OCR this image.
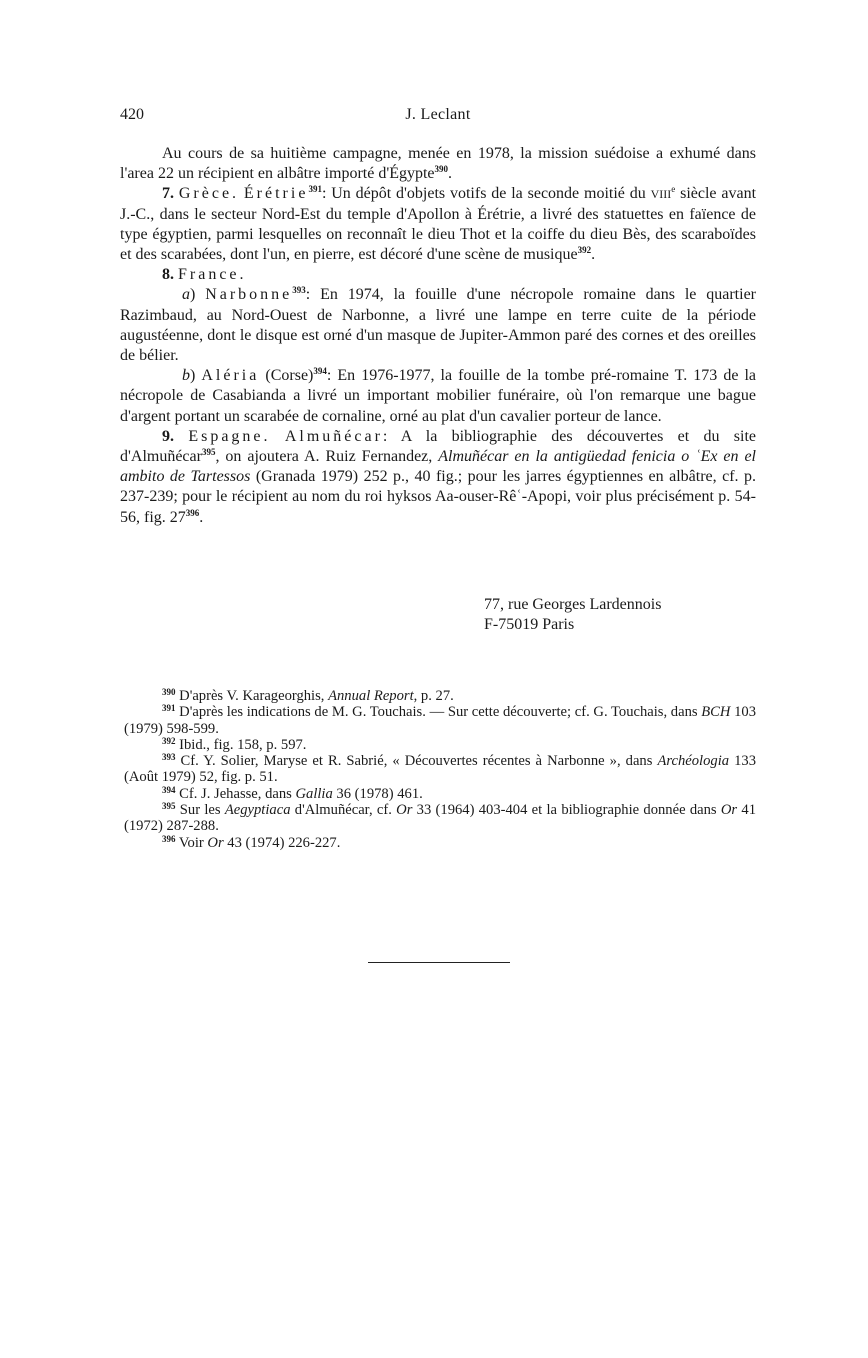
420	J. Leclant

Au cours de sa huitième campagne, menée en 1978, la mission suédoise a exhumé dans l'area 22 un récipient en albâtre importé d'Égypte$^{390}$.

7. Grèce. Érétrie$^{391}$: Un dépôt d'objets votifs de la seconde moitié du VIIIe siècle avant J.-C., dans le secteur Nord-Est du temple d'Apollon à Érétrie, a livré des statuettes en faïence de type égyptien, parmi lesquelles on reconnaît le dieu Thot et la coiffe du dieu Bès, des scaraboïdes et des scarabées, dont l'un, en pierre, est décoré d'une scène de musique$^{392}$.

8. France.

a) Narbonne$^{393}$: En 1974, la fouille d'une nécropole romaine dans le quartier Razimbaud, au Nord-Ouest de Narbonne, a livré une lampe en terre cuite de la période augustéenne, dont le disque est orné d'un masque de Jupiter-Ammon paré des cornes et des oreilles de bélier.

b) Aléria (Corse)$^{394}$: En 1976-1977, la fouille de la tombe pré-romaine T. 173 de la nécropole de Casabianda a livré un important mobilier funéraire, où l'on remarque une bague d'argent portant un scarabée de cornaline, orné au plat d'un cavalier porteur de lance.

9. Espagne. Almuñécar: A la bibliographie des découvertes et du site d'Almuñécar$^{395}$, on ajoutera A. Ruiz Fernandez, Almuñécar en la antigüedad fenicia o ʿEx en el ambito de Tartessos (Granada 1979) 252 p., 40 fig.; pour les jarres égyptiennes en albâtre, cf. p. 237-239; pour le récipient au nom du roi hyksos Aa-ouser-Rêʿ-Apopi, voir plus précisément p. 54-56, fig. $27^{396}$.

77, rue Georges Lardennois
F-75019 Paris

$^{390}$ D'après V. Karageorghis, Annual Report, p. 27.

$^{391}$ D'après les indications de M. G. Touchais. — Sur cette découverte; cf. G. Touchais, dans BCH 103 (1979) 598-599.

$^{392}$ Ibid., fig. 158, p. 597.

$^{393}$ Cf. Y. Solier, Maryse et R. Sabrié, « Découvertes récentes à Narbonne », dans Archéologia 133 (Août 1979) 52, fig. p. 51.

$^{394}$ Cf. J. Jehasse, dans Gallia 36 (1978) 461.

$^{395}$ Sur les Aegyptiaca d'Almuñécar, cf. Or 33 (1964) 403-404 et la bibliographie donnée dans Or 41 (1972) 287-288.

$^{396}$ Voir Or 43 (1974) 226-227.
